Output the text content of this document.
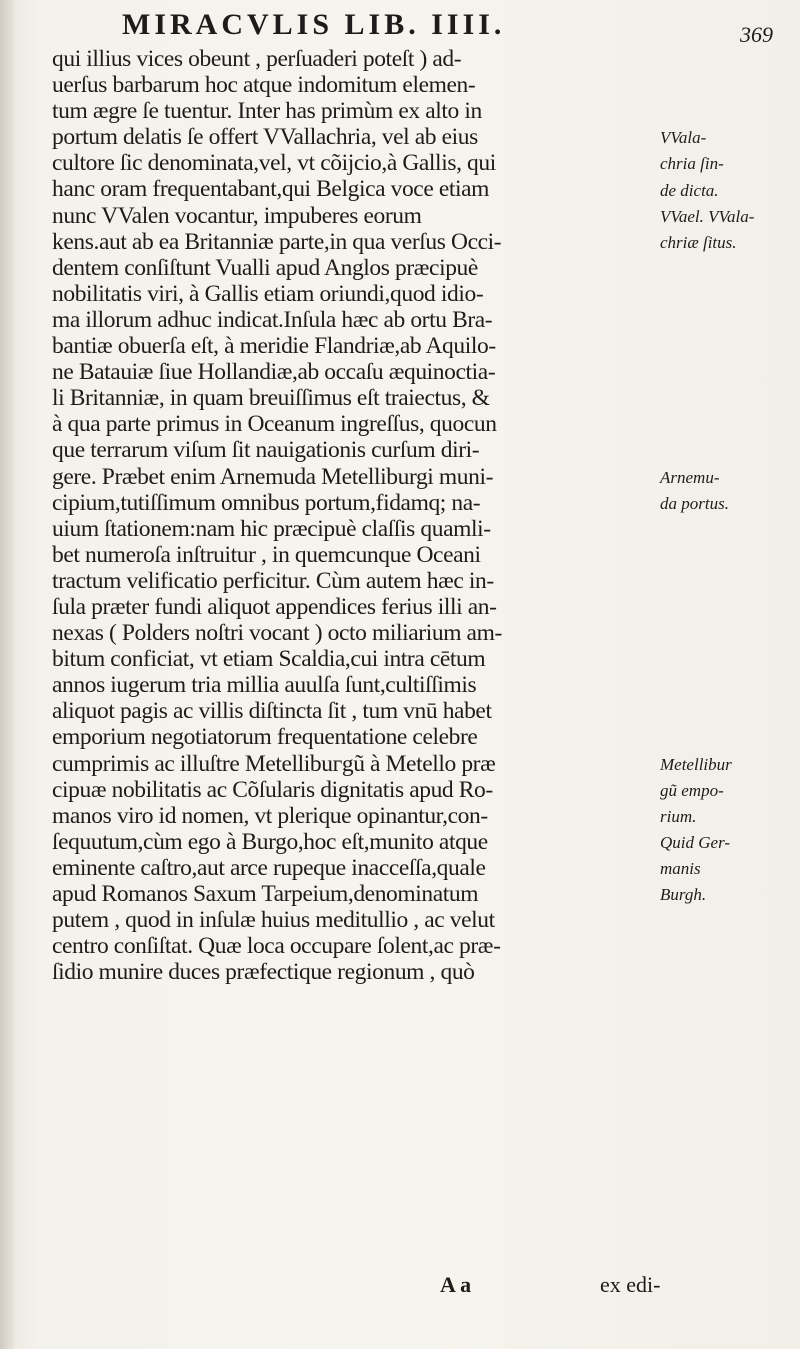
MIRACVLIS LIB. IIII.	369
qui illius vices obeunt , perſuaderi poteſt ) ad-
uerſus barbarum hoc atque indomitum elemen-
tum ægre ſe tuentur. Inter has primùm ex alto in
portum delatis ſe offert VVallachria, vel ab eius
cultore ſic denominata,vel, vt cõijcio,à Gallis, qui
hanc oram frequentabant,qui Belgica voce etiam
nunc VValen vocantur, impuberes eorum
kens.aut ab ea Britanniæ parte,in qua verſus Occi-
dentem conſiſtunt Vualli apud Anglos præcipuè
nobilitatis viri, à Gallis etiam oriundi,quod idio-
ma illorum adhuc indicat.Inſula hæc ab ortu Bra-
bantiæ obuerſa eſt, à meridie Flandriæ,ab Aquilo-
ne Batauiæ ſiue Hollandiæ,ab occaſu æquinoctia-
li Britanniæ, in quam breuiſſimus eſt traiectus, &
à qua parte primus in Oceanum ingreſſus, quocun
que terrarum viſum ſit nauigationis curſum diri-
gere. Præbet enim Arnemuda Metelliburgi muni-
cipium,tutiſſimum omnibus portum,fidamq; na-
uium ſtationem:nam hic præcipuè claſſis quamli-
bet numeroſa inſtruitur , in quemcunque Oceani
tractum velificatio perficitur. Cùm autem hæc in-
ſula præter fundi aliquot appendices ferius illi an-
nexas ( Polders noſtri vocant ) octo miliarium am-
bitum conficiat, vt etiam Scaldia,cui intra cētum
annos iugerum tria millia auulſa ſunt,cultiſſimis
aliquot pagis ac villis diſtincta ſit , tum vnū habet
emporium negotiatorum frequentatione celebre
cumprimis ac illuſtre Metellibuгgũ à Metello præ
cipuæ nobilitatis ac Cõſularis dignitatis apud Ro-
manos viro id nomen, vt plerique opinantur,con-
ſequutum,cùm ego à Burgo,hoc eſt,munito atque
eminente caſtro,aut arce rupeque inacceſſa,quale
apud Romanos Saxum Tarpeium,denominatum
putem , quod in inſulæ huius meditullio , ac velut
centro conſiſtat. Quæ loca occupare ſolent,ac præ-
ſidio munire duces præfectique regionum , quò
VVala-
chria ſin-
de dicta.
VVael. VVala-
chriæ ſitus.
Arnemu-
da portus.
Metellibur
gũ empo-
rium.
Quid Ger-
manis
Burgh.
A a	ex edi-
